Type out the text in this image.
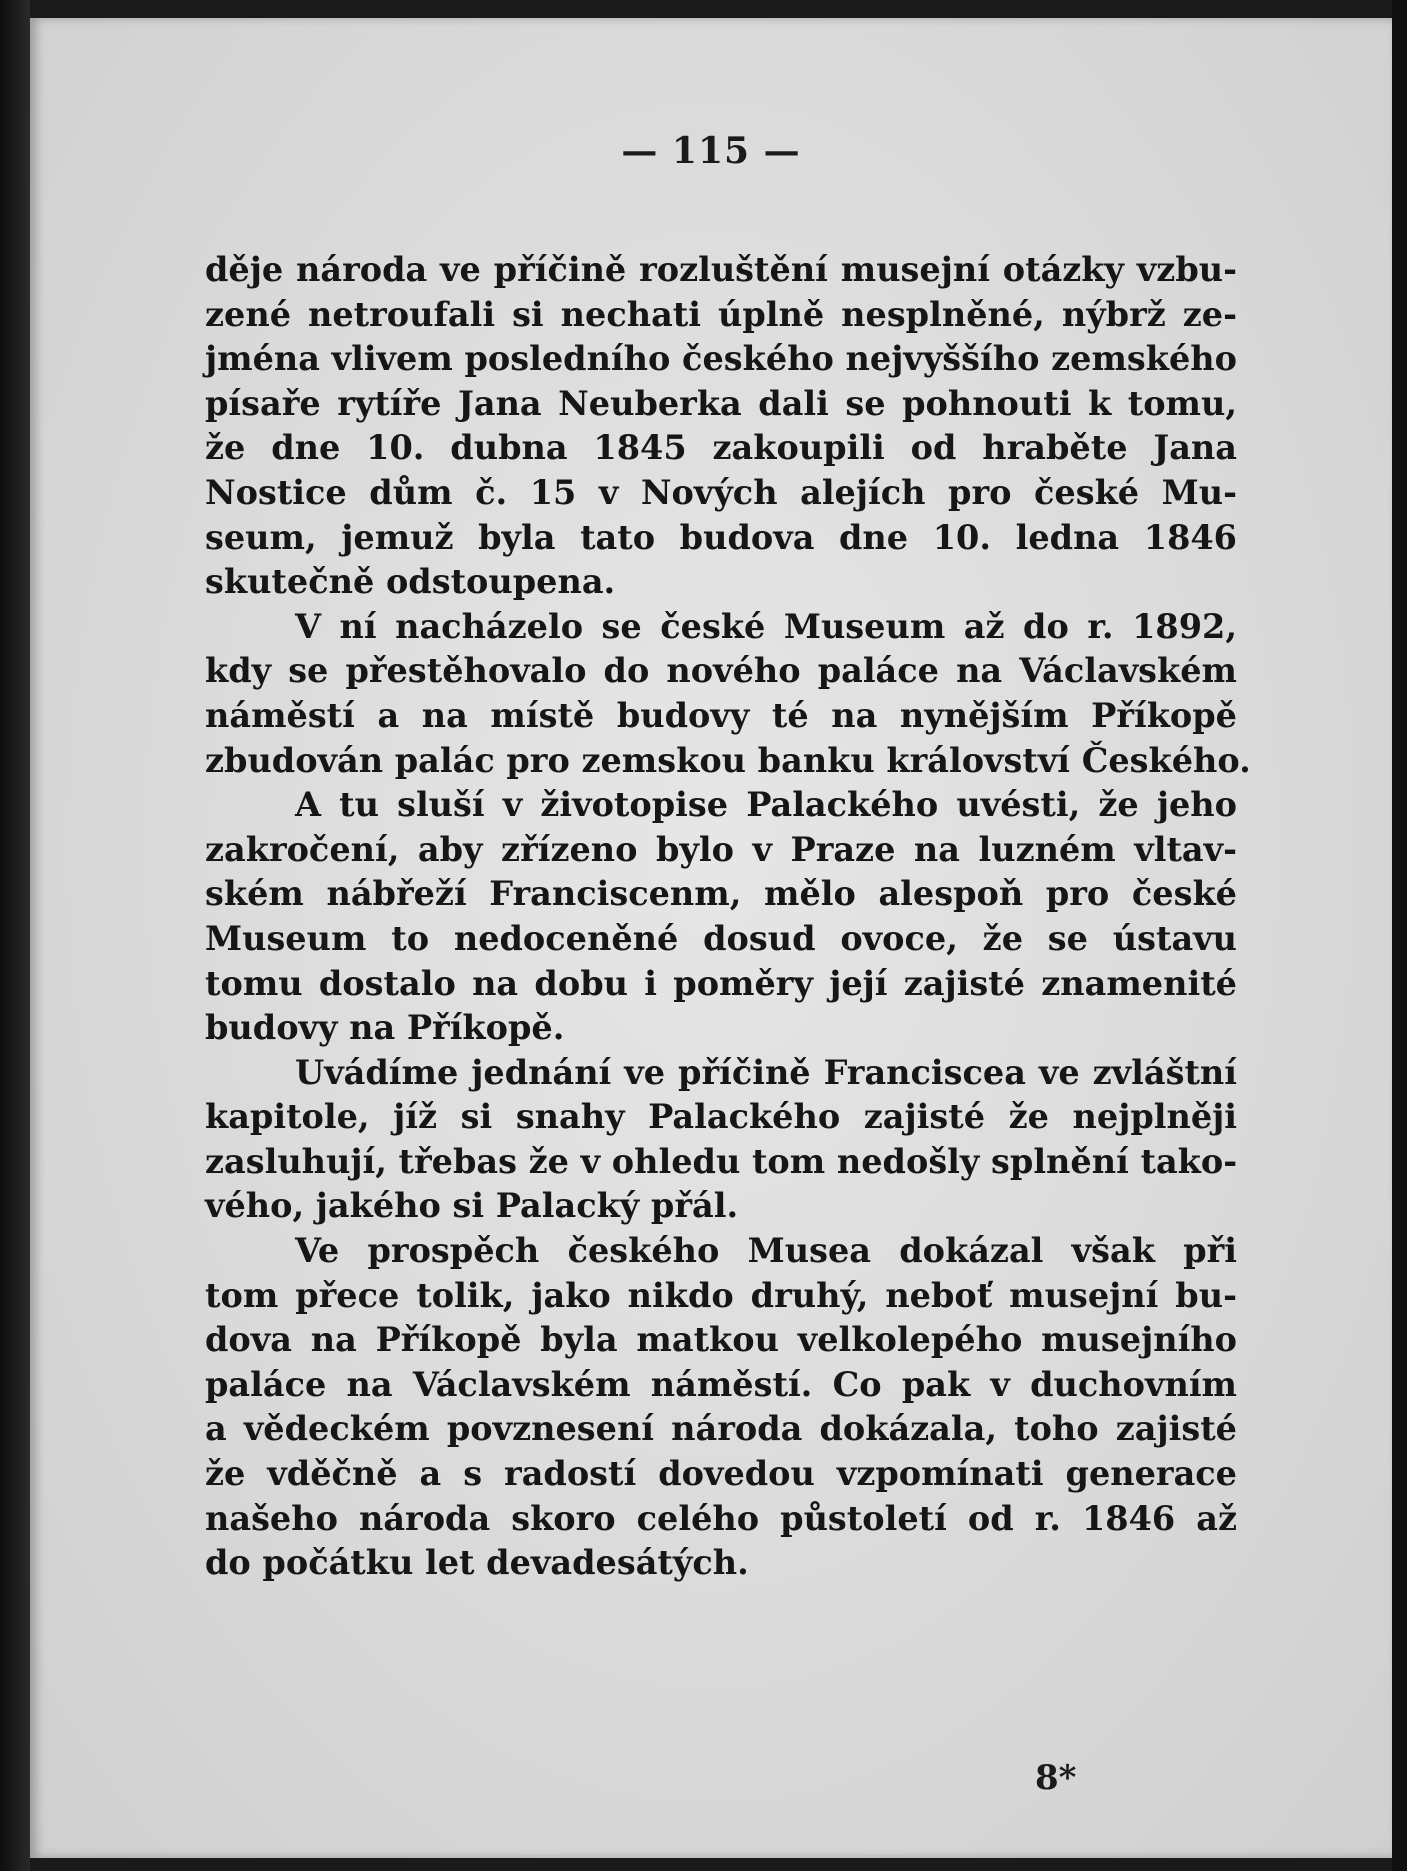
— 115 —
děje národa ve příčině rozluštění musejní otázky vzbu-
zené netroufali si nechati úplně nesplněné, nýbrž ze-
jména vlivem posledního českého nejvyššího zemského
písaře rytíře Jana Neuberka dali se pohnouti k tomu,
že dne 10. dubna 1845 zakoupili od hraběte Jana
Nostice dům č. 15 v Nových alejích pro české Mu-
seum, jemuž byla tato budova dne 10. ledna 1846
skutečně odstoupena.
V ní nacházelo se české Museum až do r. 1892,
kdy se přestěhovalo do nového paláce na Václavském
náměstí a na místě budovy té na nynějším Příkopě
zbudován palác pro zemskou banku království Českého.
A tu sluší v životopise Palackého uvésti, že jeho
zakročení, aby zřízeno bylo v Praze na luzném vltav-
ském nábřeží Franciscenm, mělo alespoň pro české
Museum to nedoceněné dosud ovoce, že se ústavu
tomu dostalo na dobu i poměry její zajisté znamenité
budovy na Příkopě.
Uvádíme jednání ve příčině Franciscea ve zvláštní
kapitole, jíž si snahy Palackého zajisté že nejplněji
zasluhují, třebas že v ohledu tom nedošly splnění tako-
vého, jakého si Palacký přál.
Ve prospěch českého Musea dokázal však při
tom přece tolik, jako nikdo druhý, neboť musejní bu-
dova na Příkopě byla matkou velkolepého musejního
paláce na Václavském náměstí. Co pak v duchovním
a vědeckém povznesení národa dokázala, toho zajisté
že vděčně a s radostí dovedou vzpomínati generace
našeho národa skoro celého půstoletí od r. 1846 až
do počátku let devadesátých.
8*
